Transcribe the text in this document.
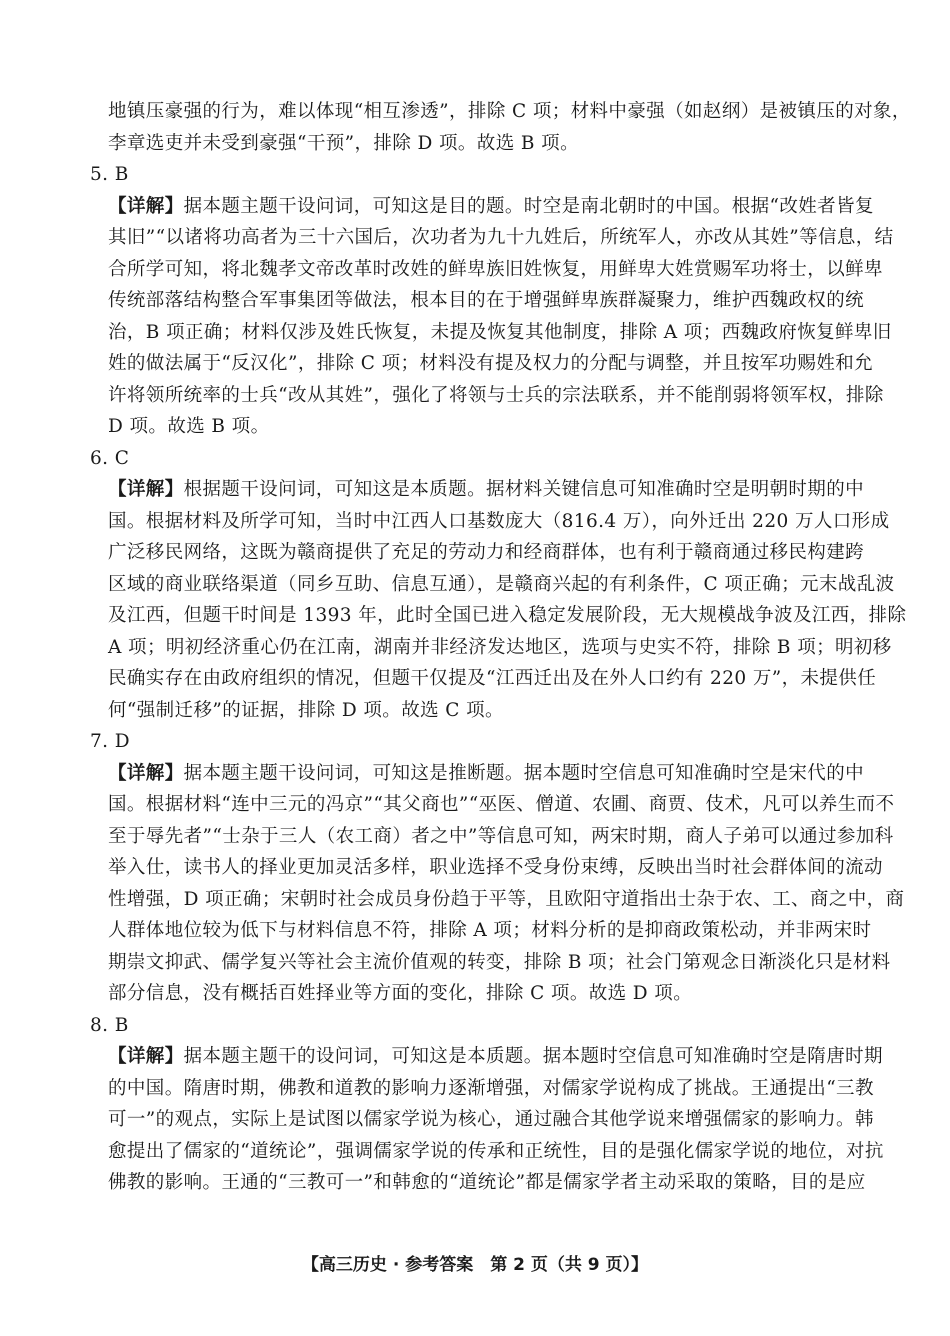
地镇压豪强的行为，难以体现“相互渗透”，排除 C 项；材料中豪强（如赵纲）是被镇压的对象，
李章选吏并未受到豪强“干预”，排除 D 项。故选 B 项。
5. B
【详解】据本题主题干设问词，可知这是目的题。时空是南北朝时的中国。根据“改姓者皆复
其旧”“以诸将功高者为三十六国后，次功者为九十九姓后，所统军人，亦改从其姓”等信息，结
合所学可知，将北魏孝文帝改革时改姓的鲜卑族旧姓恢复，用鲜卑大姓赏赐军功将士，以鲜卑
传统部落结构整合军事集团等做法，根本目的在于增强鲜卑族群凝聚力，维护西魏政权的统
治，B 项正确；材料仅涉及姓氏恢复，未提及恢复其他制度，排除 A 项；西魏政府恢复鲜卑旧
姓的做法属于“反汉化”，排除 C 项；材料没有提及权力的分配与调整，并且按军功赐姓和允
许将领所统率的士兵“改从其姓”，强化了将领与士兵的宗法联系，并不能削弱将领军权，排除
D 项。故选 B 项。
6. C
【详解】根据题干设问词，可知这是本质题。据材料关键信息可知准确时空是明朝时期的中
国。根据材料及所学可知，当时中江西人口基数庞大（816.4 万），向外迁出 220 万人口形成
广泛移民网络，这既为赣商提供了充足的劳动力和经商群体，也有利于赣商通过移民构建跨
区域的商业联络渠道（同乡互助、信息互通），是赣商兴起的有利条件，C 项正确；元末战乱波
及江西，但题干时间是 1393 年，此时全国已进入稳定发展阶段，无大规模战争波及江西，排除
A 项；明初经济重心仍在江南，湖南并非经济发达地区，选项与史实不符，排除 B 项；明初移
民确实存在由政府组织的情况，但题干仅提及“江西迁出及在外人口约有 220 万”，未提供任
何“强制迁移”的证据，排除 D 项。故选 C 项。
7. D
【详解】据本题主题干设问词，可知这是推断题。据本题时空信息可知准确时空是宋代的中
国。根据材料“连中三元的冯京”“其父商也”“巫医、僧道、农圃、商贾、伎术，凡可以养生而不
至于辱先者”“士杂于三人（农工商）者之中”等信息可知，两宋时期，商人子弟可以通过参加科
举入仕，读书人的择业更加灵活多样，职业选择不受身份束缚，反映出当时社会群体间的流动
性增强，D 项正确；宋朝时社会成员身份趋于平等，且欧阳守道指出士杂于农、工、商之中，商
人群体地位较为低下与材料信息不符，排除 A 项；材料分析的是抑商政策松动，并非两宋时
期崇文抑武、儒学复兴等社会主流价值观的转变，排除 B 项；社会门第观念日渐淡化只是材料
部分信息，没有概括百姓择业等方面的变化，排除 C 项。故选 D 项。
8. B
【详解】据本题主题干的设问词，可知这是本质题。据本题时空信息可知准确时空是隋唐时期
的中国。隋唐时期，佛教和道教的影响力逐渐增强，对儒家学说构成了挑战。王通提出“三教
可一”的观点，实际上是试图以儒家学说为核心，通过融合其他学说来增强儒家的影响力。韩
愈提出了儒家的“道统论”，强调儒家学说的传承和正统性，目的是强化儒家学说的地位，对抗
佛教的影响。王通的“三教可一”和韩愈的“道统论”都是儒家学者主动采取的策略，目的是应
【高三历史 · 参考答案　第 2 页（共 9 页）】
